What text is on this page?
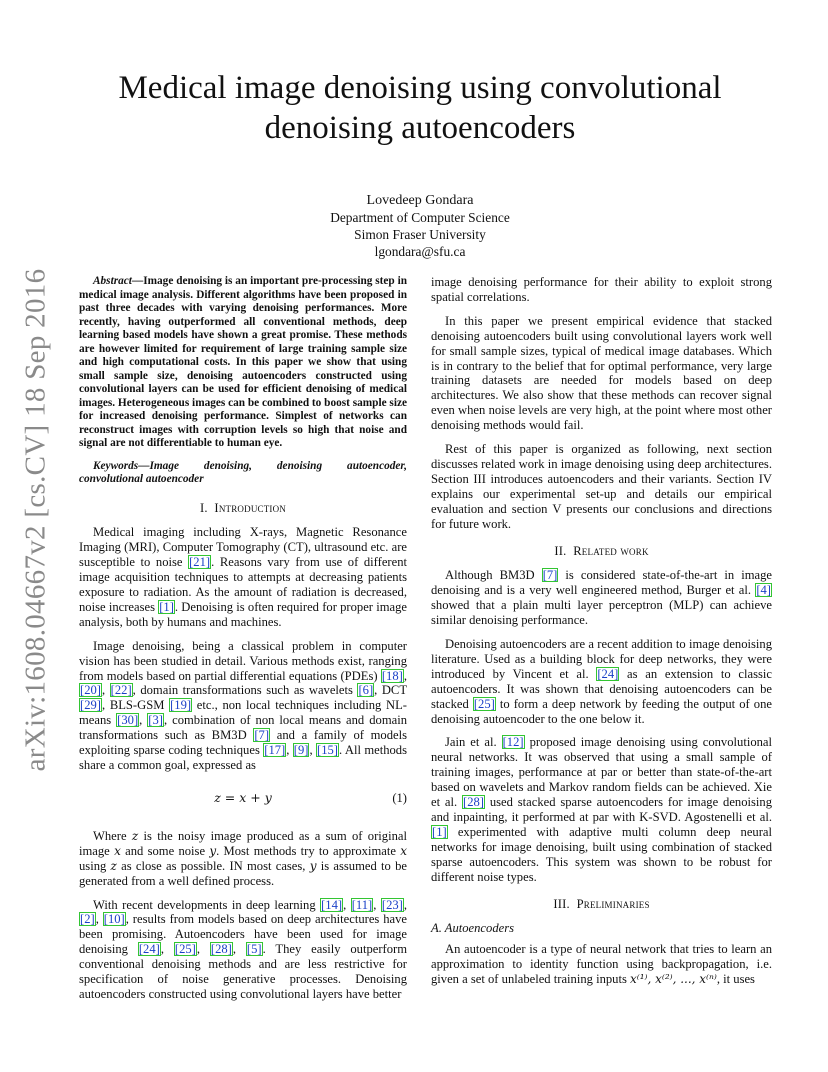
arXiv:1608.04667v2 [cs.CV] 18 Sep 2016
Medical image denoising using convolutional denoising autoencoders
Lovedeep Gondara
Department of Computer Science
Simon Fraser University
lgondara@sfu.ca

Abstract—Image denoising is an important pre-processing step in medical image analysis. Different algorithms have been proposed in past three decades with varying denoising performances. More recently, having outperformed all conventional methods, deep learning based models have shown a great promise. These methods are however limited for requirement of large training sample size and high computational costs. In this paper we show that using small sample size, denoising autoencoders constructed using convolutional layers can be used for efficient denoising of medical images. Heterogeneous images can be combined to boost sample size for increased denoising performance. Simplest of networks can reconstruct images with corruption levels so high that noise and signal are not differentiable to human eye.

Keywords—Image denoising, denoising autoencoder, convolutional autoencoder

I. Introduction

Medical imaging including X-rays, Magnetic Resonance Imaging (MRI), Computer Tomography (CT), ultrasound etc. are susceptible to noise [21]. Reasons vary from use of different image acquisition techniques to attempts at decreasing patients exposure to radiation. As the amount of radiation is decreased, noise increases [1]. Denoising is often required for proper image analysis, both by humans and machines.

Image denoising, being a classical problem in computer vision has been studied in detail. Various methods exist, ranging from models based on partial differential equations (PDEs) [18], [20], [22], domain transformations such as wavelets [6], DCT [29], BLS-GSM [19] etc., non local techniques including NL-means [30], [3], combination of non local means and domain transformations such as BM3D [7] and a family of models exploiting sparse coding techniques [17], [9], [15]. All methods share a common goal, expressed as

z = x + y	(1)

Where z is the noisy image produced as a sum of original image x and some noise y. Most methods try to approximate x using z as close as possible. IN most cases, y is assumed to be generated from a well defined process.

With recent developments in deep learning [14], [11], [23], [2], [10], results from models based on deep architectures have been promising. Autoencoders have been used for image denoising [24], [25], [28], [5]. They easily outperform conventional denoising methods and are less restrictive for specification of noise generative processes. Denoising autoencoders constructed using convolutional layers have better

image denoising performance for their ability to exploit strong spatial correlations.

In this paper we present empirical evidence that stacked denoising autoencoders built using convolutional layers work well for small sample sizes, typical of medical image databases. Which is in contrary to the belief that for optimal performance, very large training datasets are needed for models based on deep architectures. We also show that these methods can recover signal even when noise levels are very high, at the point where most other denoising methods would fail.

Rest of this paper is organized as following, next section discusses related work in image denoising using deep architectures. Section III introduces autoencoders and their variants. Section IV explains our experimental set-up and details our empirical evaluation and section V presents our conclusions and directions for future work.

II. Related work

Although BM3D [7] is considered state-of-the-art in image denoising and is a very well engineered method, Burger et al. [4] showed that a plain multi layer perceptron (MLP) can achieve similar denoising performance.

Denoising autoencoders are a recent addition to image denoising literature. Used as a building block for deep networks, they were introduced by Vincent et al. [24] as an extension to classic autoencoders. It was shown that denoising autoencoders can be stacked [25] to form a deep network by feeding the output of one denoising autoencoder to the one below it.

Jain et al. [12] proposed image denoising using convolutional neural networks. It was observed that using a small sample of training images, performance at par or better than state-of-the-art based on wavelets and Markov random fields can be achieved. Xie et al. [28] used stacked sparse autoencoders for image denoising and inpainting, it performed at par with K-SVD. Agostenelli et al. [1] experimented with adaptive multi column deep neural networks for image denoising, built using combination of stacked sparse autoencoders. This system was shown to be robust for different noise types.

III. Preliminaries
A. Autoencoders

An autoencoder is a type of neural network that tries to learn an approximation to identity function using backpropagation, i.e. given a set of unlabeled training inputs x⁽¹⁾, x⁽²⁾, ..., x⁽ⁿ⁾, it uses
